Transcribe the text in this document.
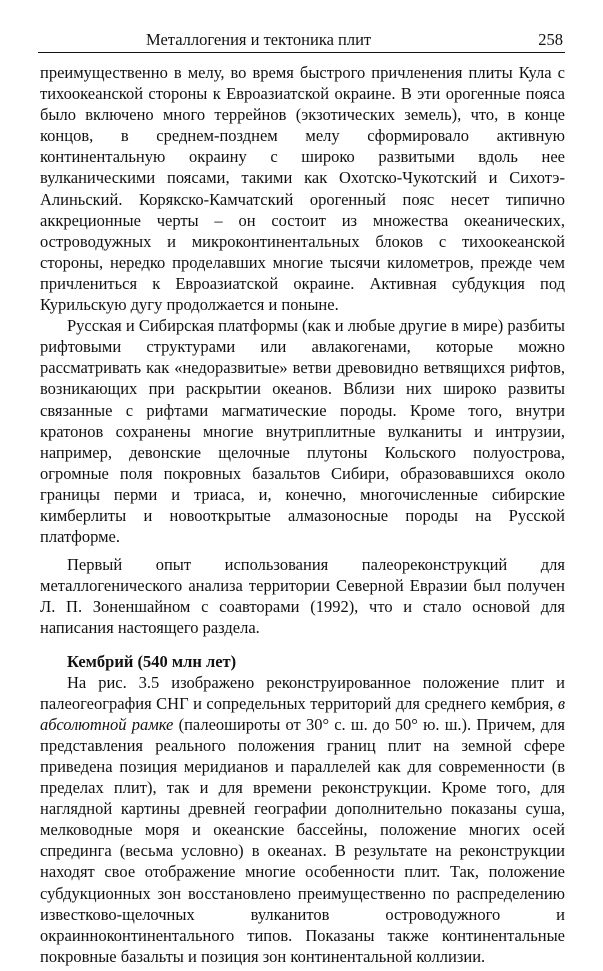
Металлогения и тектоника плит	258

преимущественно в мелу, во время быстрого причленения плиты Кула с тихоокеанской стороны к Евроазиатской окраине. В эти орогенные пояса было включено много террейнов (экзотических земель), что, в конце концов, в среднем-позднем мелу сформировало активную континентальную окраину с широко развитыми вдоль нее вулканическими поясами, такими как Охотско-Чукотский и Сихотэ-Алиньский. Корякско-Камчатский орогенный пояс несет типично аккреционные черты – он состоит из множества океанических, островодужных и микроконтинентальных блоков с тихоокеанской стороны, нередко проделавших многие тысячи километров, прежде чем причлениться к Евроазиатской окраине. Активная субдукция под Курильскую дугу продолжается и поныне.

Русская и Сибирская платформы (как и любые другие в мире) разбиты рифтовыми структурами или авлакогенами, которые можно рассматривать как «недоразвитые» ветви древовидно ветвящихся рифтов, возникающих при раскрытии океанов. Вблизи них широко развиты связанные с рифтами магматические породы. Кроме того, внутри кратонов сохранены многие внутриплитные вулканиты и интрузии, например, девонские щелочные плутоны Кольского полуострова, огромные поля покровных базальтов Сибири, образовавшихся около границы перми и триаса, и, конечно, многочисленные сибирские кимберлиты и новооткрытые алмазоносные породы на Русской платформе.

Первый опыт использования палеореконструкций для металлогенического анализа территории Северной Евразии был получен Л. П. Зоненшайном с соавторами (1992), что и стало основой для написания настоящего раздела.

Кембрий (540 млн лет)

На рис. 3.5 изображено реконструированное положение плит и палеогеография СНГ и сопредельных территорий для среднего кембрия, в абсолютной рамке (палеошироты от 30° с. ш. до 50° ю. ш.). Причем, для представления реального положения границ плит на земной сфере приведена позиция меридианов и параллелей как для современности (в пределах плит), так и для времени реконструкции. Кроме того, для наглядной картины древней географии дополнительно показаны суша, мелководные моря и океанские бассейны, положение многих осей спрединга (весьма условно) в океанах. В результате на реконструкции находят свое отображение многие особенности плит. Так, положение субдукционных зон восстановлено преимущественно по распределению известково-щелочных вулканитов островодужного и окраинноконтинентального типов. Показаны также континентальные покровные базальты и позиция зон континентальной коллизии.
